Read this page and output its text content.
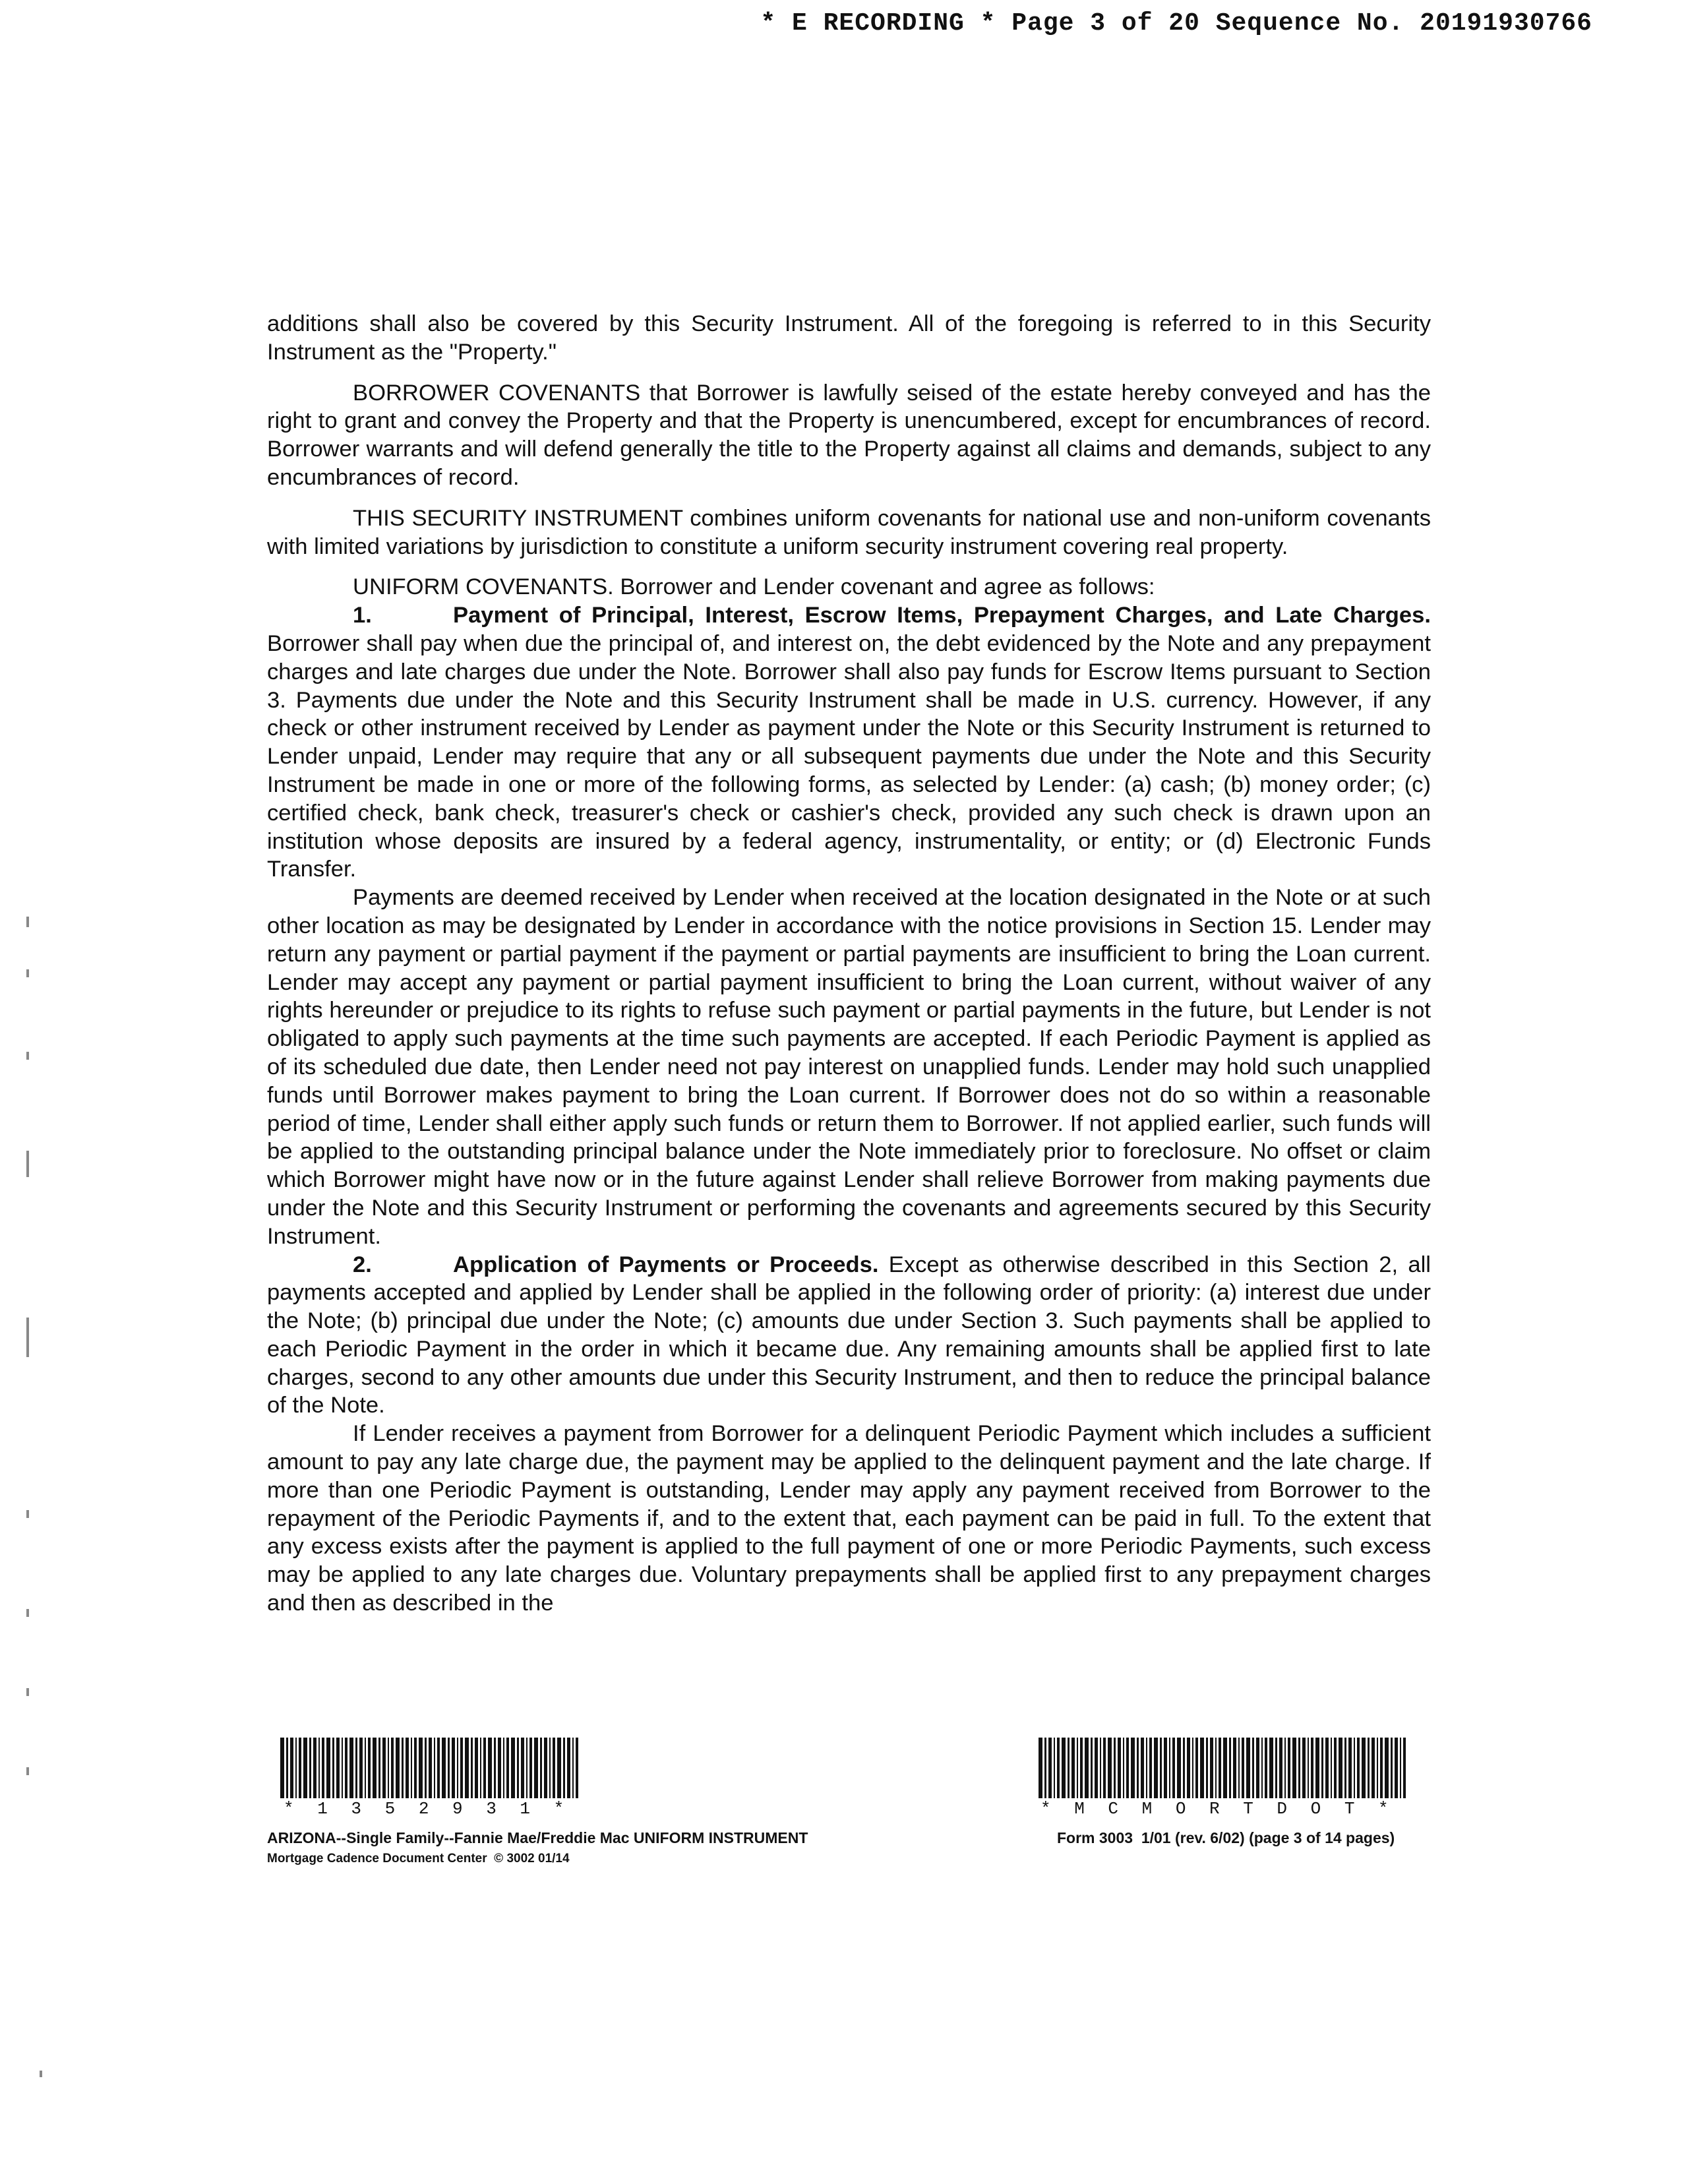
* E RECORDING * Page 3 of 20 Sequence No. 20191930766

additions shall also be covered by this Security Instrument. All of the foregoing is referred to in this Security Instrument as the "Property."

BORROWER COVENANTS that Borrower is lawfully seised of the estate hereby conveyed and has the right to grant and convey the Property and that the Property is unencumbered, except for encumbrances of record. Borrower warrants and will defend generally the title to the Property against all claims and demands, subject to any encumbrances of record.

THIS SECURITY INSTRUMENT combines uniform covenants for national use and non-uniform covenants with limited variations by jurisdiction to constitute a uniform security instrument covering real property.

UNIFORM COVENANTS. Borrower and Lender covenant and agree as follows:

1.	Payment of Principal, Interest, Escrow Items, Prepayment Charges, and Late Charges. Borrower shall pay when due the principal of, and interest on, the debt evidenced by the Note and any prepayment charges and late charges due under the Note. Borrower shall also pay funds for Escrow Items pursuant to Section 3. Payments due under the Note and this Security Instrument shall be made in U.S. currency. However, if any check or other instrument received by Lender as payment under the Note or this Security Instrument is returned to Lender unpaid, Lender may require that any or all subsequent payments due under the Note and this Security Instrument be made in one or more of the following forms, as selected by Lender: (a) cash; (b) money order; (c) certified check, bank check, treasurer's check or cashier's check, provided any such check is drawn upon an institution whose deposits are insured by a federal agency, instrumentality, or entity; or (d) Electronic Funds Transfer.

Payments are deemed received by Lender when received at the location designated in the Note or at such other location as may be designated by Lender in accordance with the notice provisions in Section 15. Lender may return any payment or partial payment if the payment or partial payments are insufficient to bring the Loan current. Lender may accept any payment or partial payment insufficient to bring the Loan current, without waiver of any rights hereunder or prejudice to its rights to refuse such payment or partial payments in the future, but Lender is not obligated to apply such payments at the time such payments are accepted. If each Periodic Payment is applied as of its scheduled due date, then Lender need not pay interest on unapplied funds. Lender may hold such unapplied funds until Borrower makes payment to bring the Loan current. If Borrower does not do so within a reasonable period of time, Lender shall either apply such funds or return them to Borrower. If not applied earlier, such funds will be applied to the outstanding principal balance under the Note immediately prior to foreclosure. No offset or claim which Borrower might have now or in the future against Lender shall relieve Borrower from making payments due under the Note and this Security Instrument or performing the covenants and agreements secured by this Security Instrument.

2.	Application of Payments or Proceeds. Except as otherwise described in this Section 2, all payments accepted and applied by Lender shall be applied in the following order of priority: (a) interest due under the Note; (b) principal due under the Note; (c) amounts due under Section 3. Such payments shall be applied to each Periodic Payment in the order in which it became due. Any remaining amounts shall be applied first to late charges, second to any other amounts due under this Security Instrument, and then to reduce the principal balance of the Note.

If Lender receives a payment from Borrower for a delinquent Periodic Payment which includes a sufficient amount to pay any late charge due, the payment may be applied to the delinquent payment and the late charge. If more than one Periodic Payment is outstanding, Lender may apply any payment received from Borrower to the repayment of the Periodic Payments if, and to the extent that, each payment can be paid in full. To the extent that any excess exists after the payment is applied to the full payment of one or more Periodic Payments, such excess may be applied to any late charges due. Voluntary prepayments shall be applied first to any prepayment charges and then as described in the

* 1 3 5 2 9 3 1 *	* M C M O R T D O T *
ARIZONA--Single Family--Fannie Mae/Freddie Mac UNIFORM INSTRUMENT
Mortgage Cadence Document Center  © 3002 01/14
Form 3003  1/01 (rev. 6/02) (page 3 of 14 pages)
